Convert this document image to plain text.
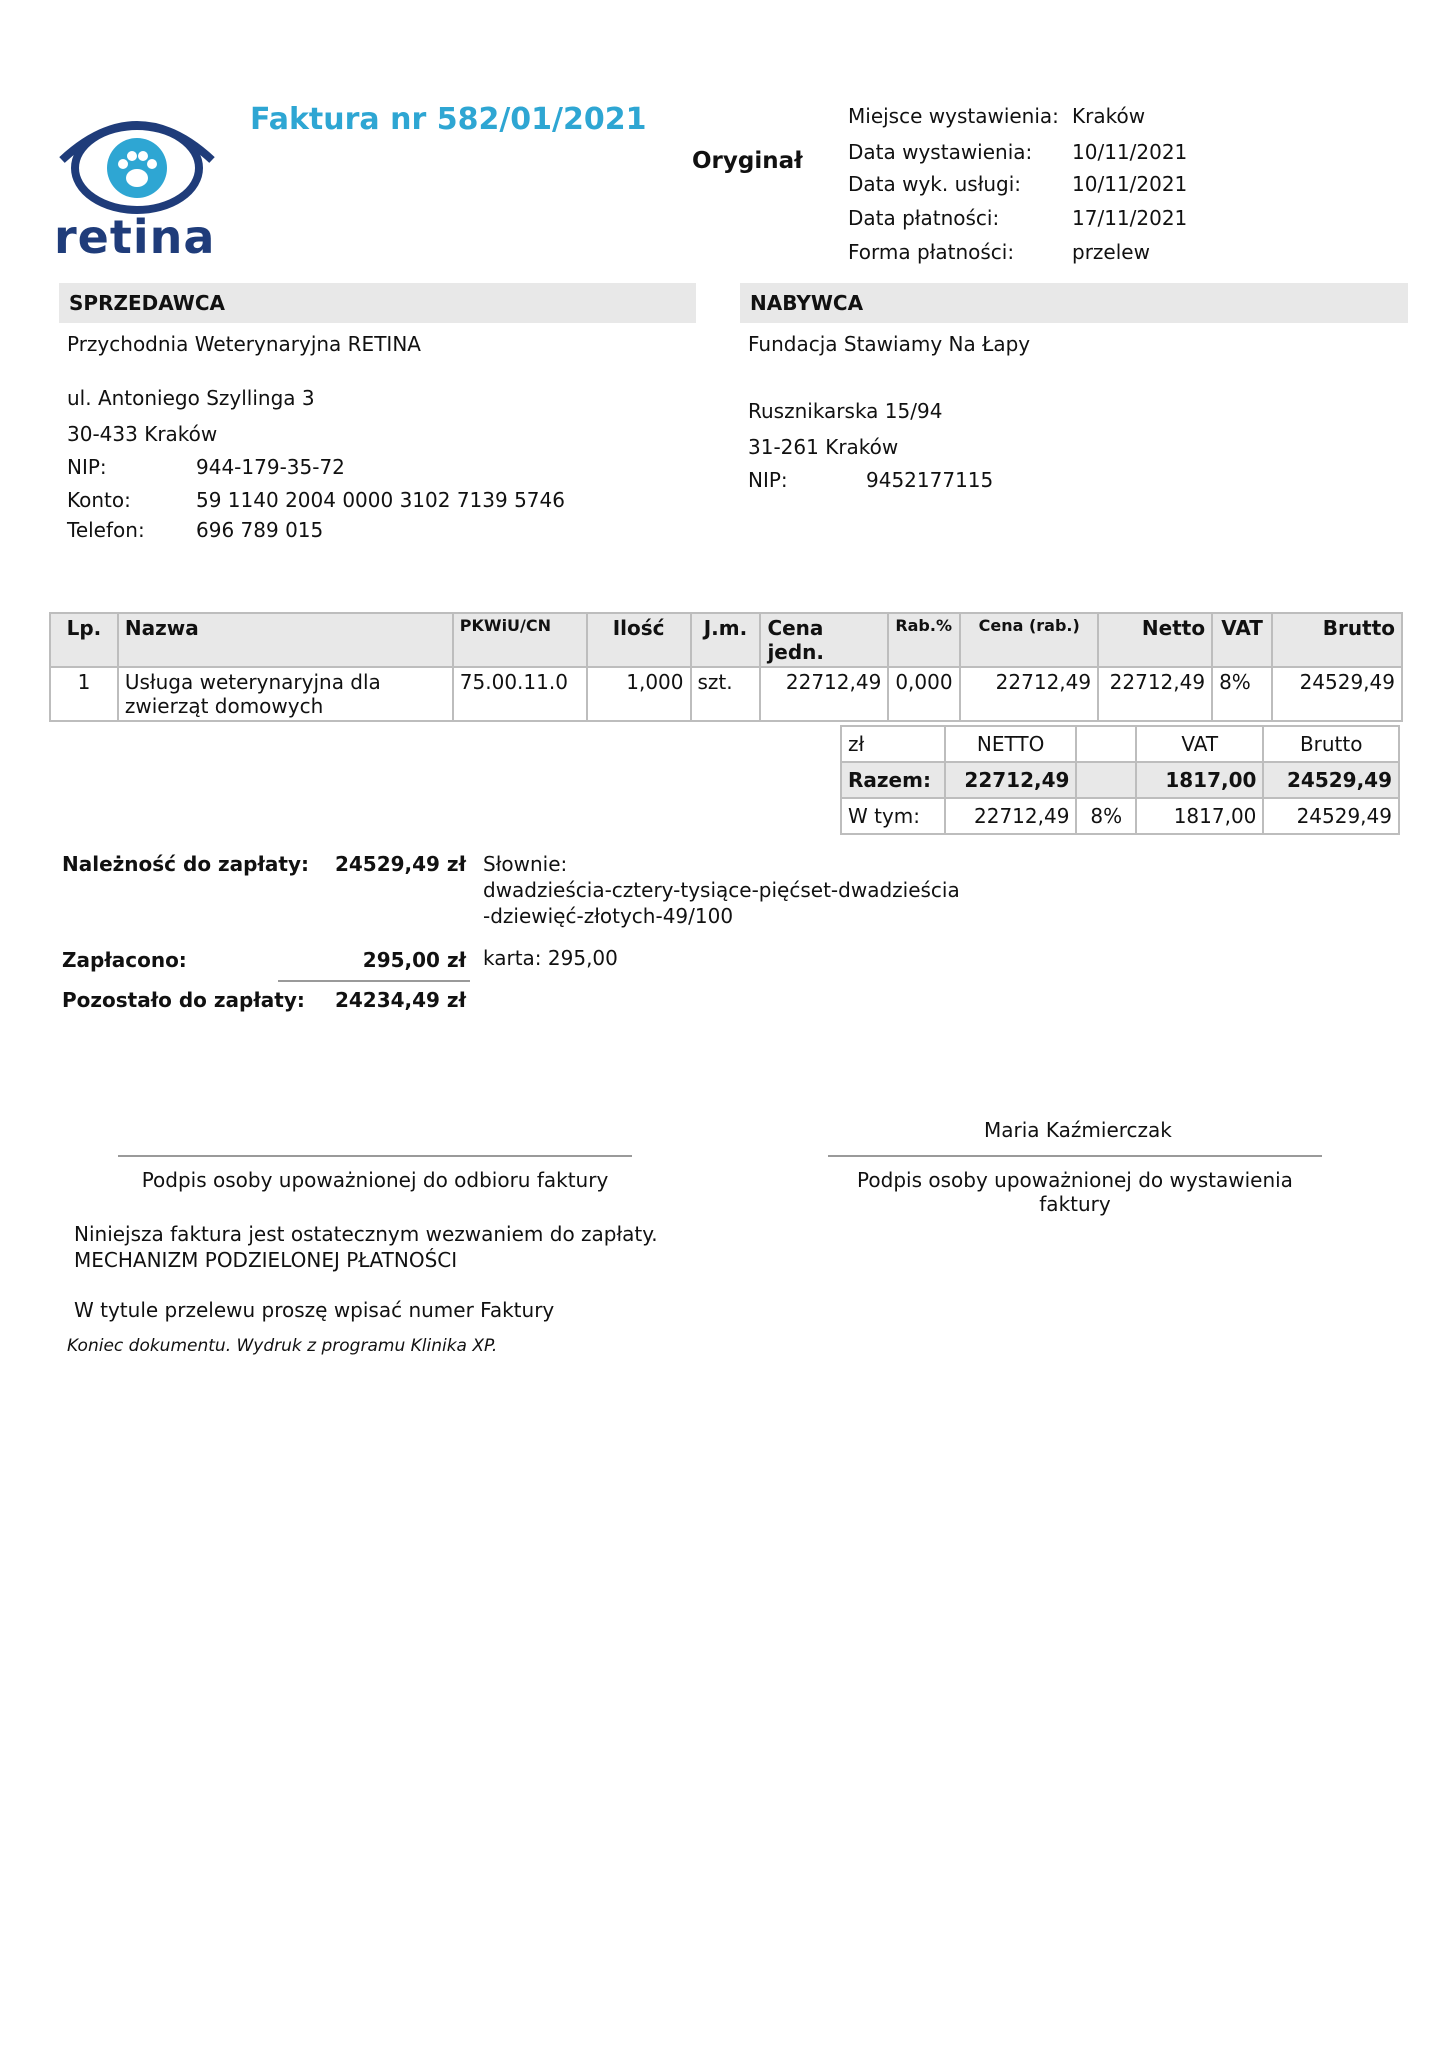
retina
Faktura nr 582/01/2021
Oryginał
Miejsce wystawienia: Kraków
Data wystawienia: 10/11/2021
Data wyk. usługi:	10/11/2021
Data płatności:	17/11/2021
Forma płatności:	przelew
SPRZEDAWCA
Przychodnia Weterynaryjna RETINA
ul. Antoniego Szyllinga 3
30-433 Kraków
NIP:	944-179-35-72
Konto:	59 1140 2004 0000 3102 7139 5746
Telefon:	696 789 015
NABYWCA
Fundacja Stawiamy Na Łapy
Rusznikarska 15/94
31-261 Kraków
NIP:	9452177115
Lp.	Nazwa	PKWiU/CN	Ilość	J.m.	Cena jedn.	Rab.%	Cena (rab.)	Netto	VAT	Brutto
1	Usługa weterynaryjna dla
zwierząt domowych	75.00.11.0	1,000	szt.	22712,49	0,000	22712,49	22712,49	8%	24529,49
zł	NETTO		VAT	Brutto
Razem:	22712,49		1817,00	24529,49
W tym:	22712,49	8%	1817,00	24529,49
Należność do zapłaty:	24529,49 zł Słownie:
dwadzieścia-cztery-tysiące-pięćset-dwadzieścia
-dziewięć-złotych-49/100
Zapłacono:	295,00 zł karta: 295,00
Pozostało do zapłaty:	24234,49 zł
Maria Kaźmierczak
Podpis osoby upoważnionej do odbioru faktury	Podpis osoby upoważnionej do wystawienia
faktury
Niniejsza faktura jest ostatecznym wezwaniem do zapłaty.
MECHANIZM PODZIELONEJ PŁATNOŚCI
W tytule przelewu proszę wpisać numer Faktury
Koniec dokumentu. Wydruk z programu Klinika XP.
